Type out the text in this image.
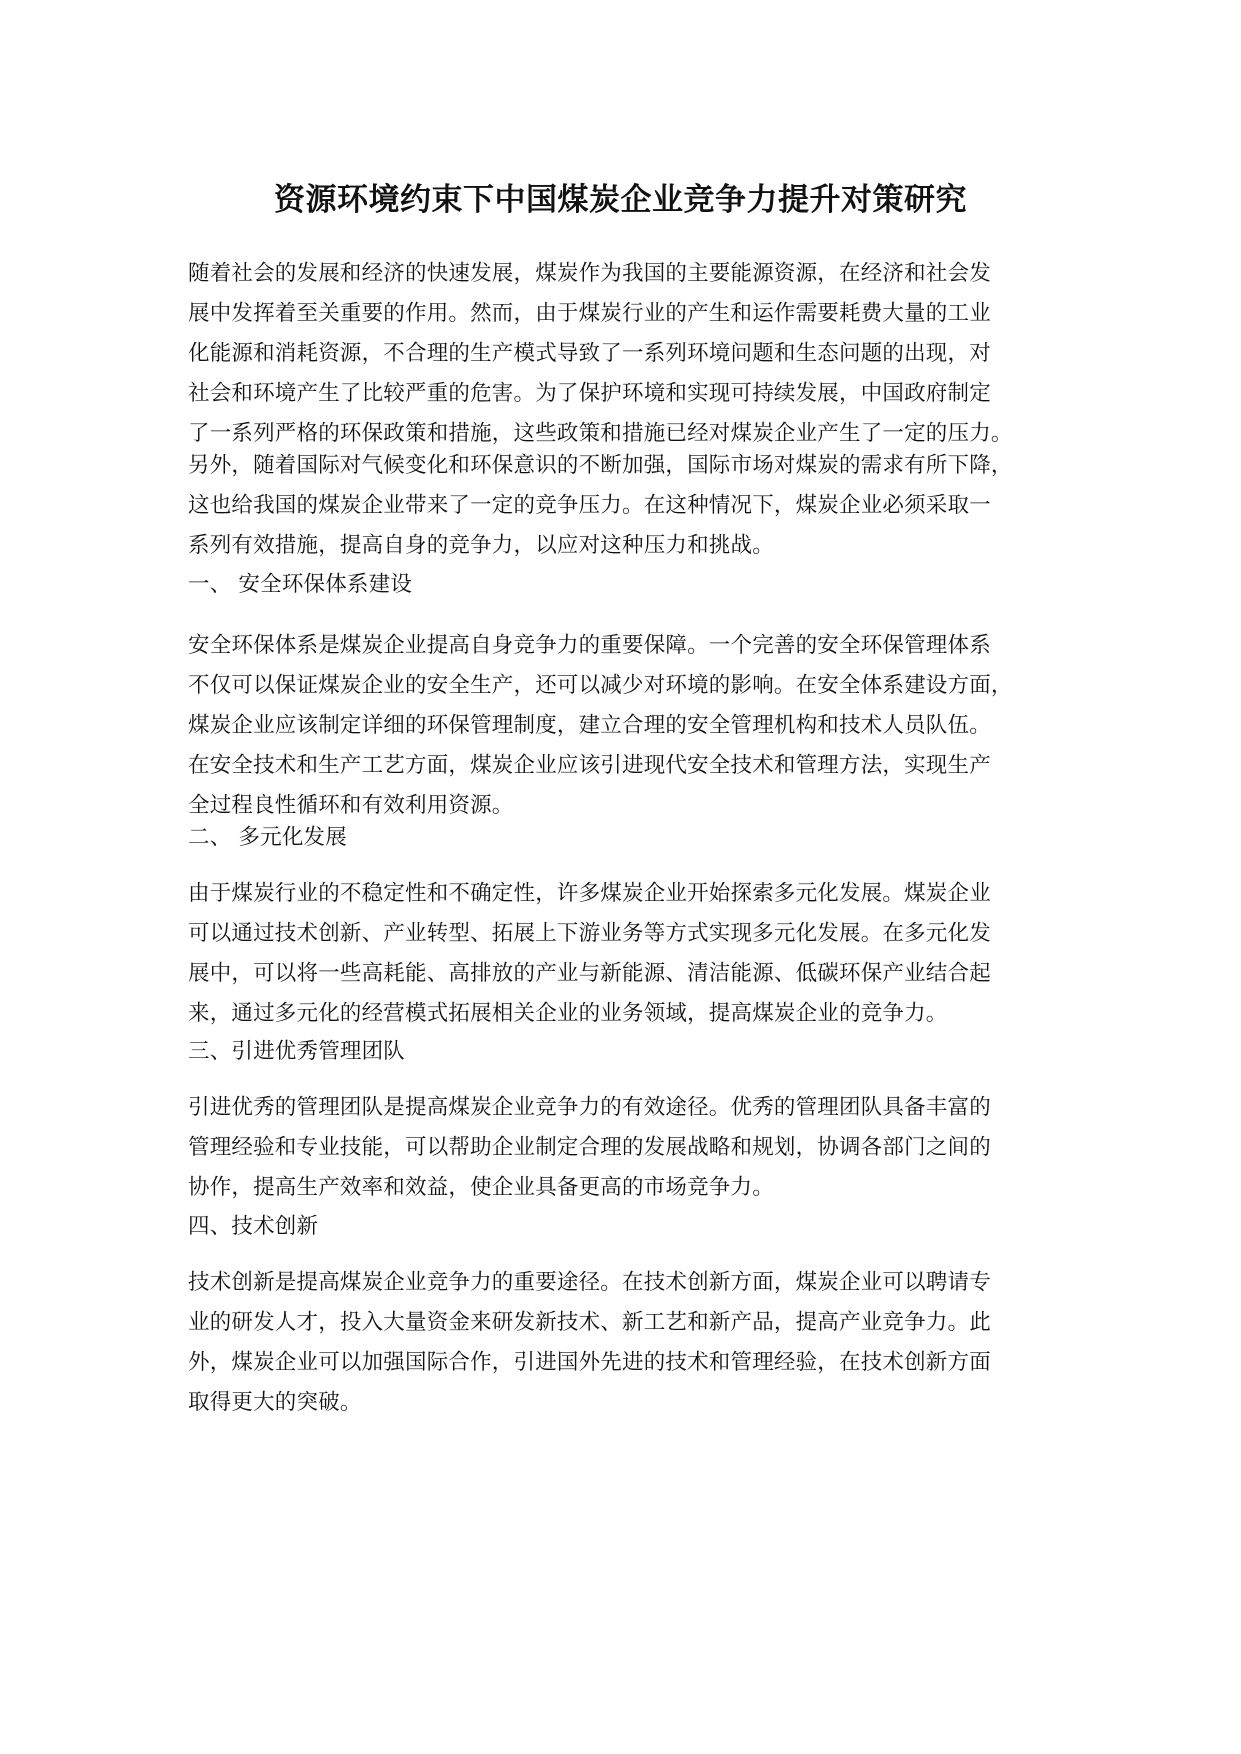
资源环境约束下中国煤炭企业竞争力提升对策研究
随着社会的发展和经济的快速发展，煤炭作为我国的主要能源资源，在经济和社会发
展中发挥着至关重要的作用。然而，由于煤炭行业的产生和运作需要耗费大量的工业
化能源和消耗资源，不合理的生产模式导致了一系列环境问题和生态问题的出现，对
社会和环境产生了比较严重的危害。为了保护环境和实现可持续发展，中国政府制定
了一系列严格的环保政策和措施，这些政策和措施已经对煤炭企业产生了一定的压力。
另外，随着国际对气候变化和环保意识的不断加强，国际市场对煤炭的需求有所下降，
这也给我国的煤炭企业带来了一定的竞争压力。在这种情况下，煤炭企业必须采取一
系列有效措施，提高自身的竞争力，以应对这种压力和挑战。
一、 安全环保体系建设
安全环保体系是煤炭企业提高自身竞争力的重要保障。一个完善的安全环保管理体系
不仅可以保证煤炭企业的安全生产，还可以减少对环境的影响。在安全体系建设方面，
煤炭企业应该制定详细的环保管理制度，建立合理的安全管理机构和技术人员队伍。
在安全技术和生产工艺方面，煤炭企业应该引进现代安全技术和管理方法，实现生产
全过程良性循环和有效利用资源。
二、 多元化发展
由于煤炭行业的不稳定性和不确定性，许多煤炭企业开始探索多元化发展。煤炭企业
可以通过技术创新、产业转型、拓展上下游业务等方式实现多元化发展。在多元化发
展中，可以将一些高耗能、高排放的产业与新能源、清洁能源、低碳环保产业结合起
来，通过多元化的经营模式拓展相关企业的业务领域，提高煤炭企业的竞争力。
三、引进优秀管理团队
引进优秀的管理团队是提高煤炭企业竞争力的有效途径。优秀的管理团队具备丰富的
管理经验和专业技能，可以帮助企业制定合理的发展战略和规划，协调各部门之间的
协作，提高生产效率和效益，使企业具备更高的市场竞争力。
四、技术创新
技术创新是提高煤炭企业竞争力的重要途径。在技术创新方面，煤炭企业可以聘请专
业的研发人才，投入大量资金来研发新技术、新工艺和新产品，提高产业竞争力。此
外，煤炭企业可以加强国际合作，引进国外先进的技术和管理经验，在技术创新方面
取得更大的突破。
